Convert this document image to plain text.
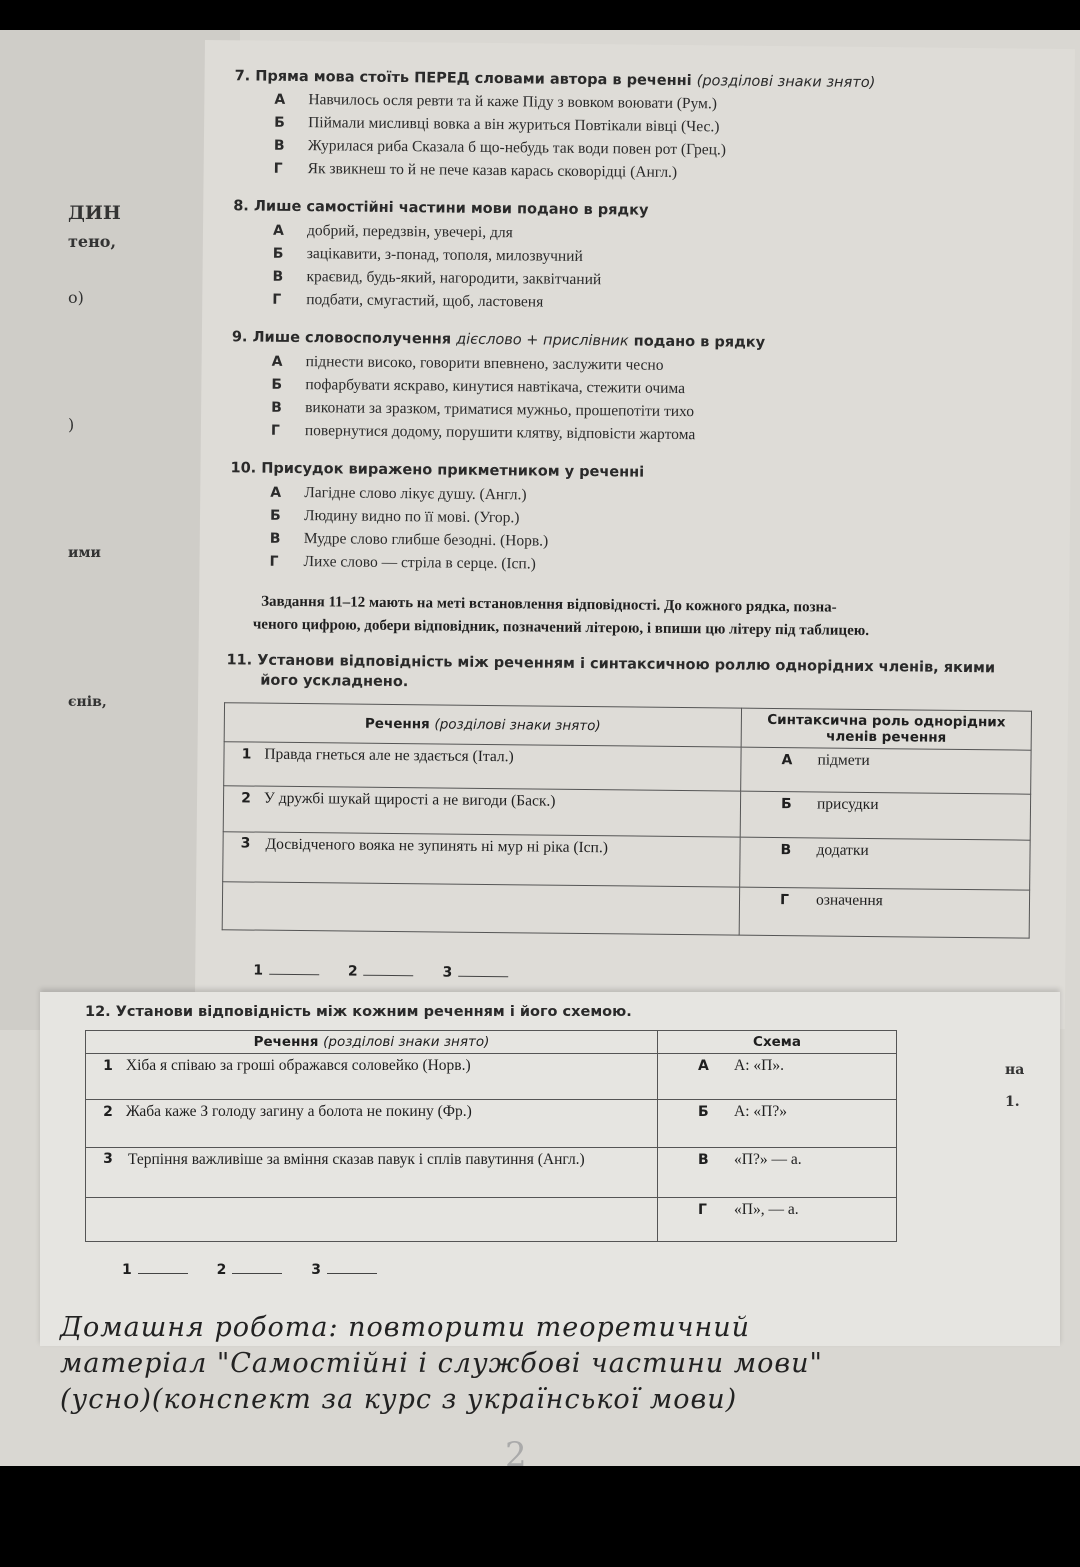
ДИН
тено,
о)
)
ими
єнів,
7. Пряма мова стоїть ПЕРЕД словами автора в реченні (розділові знаки знято)
А Навчилось осля ревти та й каже Піду з вовком воювати (Рум.)
Б Піймали мисливці вовка а він журиться Повтікали вівці (Чес.)
В Журилася риба Сказала б що-небудь так води повен рот (Грец.)
Г Як звикнеш то й не пече казав карась сковорідці (Англ.)
8. Лише самостійні частини мови подано в рядку
А добрий, передзвін, увечері, для
Б зацікавити, з-понад, тополя, милозвучний
В краєвид, будь-який, нагородити, заквітчаний
Г подбати, смугастий, щоб, ластовеня
9. Лише словосполучення дієслово + прислівник подано в рядку
А піднести високо, говорити впевнено, заслужити чесно
Б пофарбувати яскраво, кинутися навтікача, стежити очима
В виконати за зразком, триматися мужньо, прошепотіти тихо
Г повернутися додому, порушити клятву, відповісти жартома
10. Присудок виражено прикметником у реченні
А Лагідне слово лікує душу. (Англ.)
Б Людину видно по її мові. (Угор.)
В Мудре слово глибше безодні. (Норв.)
Г Лихе слово — стріла в серце. (Ісп.)
Завдання 11–12 мають на меті встановлення відповідності. До кожного рядка, позна-
ченого цифрою, добери відповідник, позначений літерою, і впиши цю літеру під таблицею.
11. Установи відповідність між реченням і синтаксичною роллю однорідних членів, якими
його ускладнено.
Речення (розділові знаки знято)	Синтаксична роль однорідних
членів речення

1 Правда гнеться але не здається (Італ.)	А підмети
2 У дружбі шукай щирості а не вигоди (Баск.)	Б присудки

3 Досвідченого вояка не зупинять ні мур ні ріка (Ісп.)	В додатки
	Г означення
1	2	3
12. Установи відповідність між кожним реченням і його схемою.
Речення (розділові знаки знято)	Схема
1 Хіба я співаю за гроші ображався соловейко (Норв.)	А А: «П».
2 Жаба каже З голоду загину а болота не покину (Фр.)	Б А: «П?»

3 Терпіння важливіше за вміння сказав павук і сплів павутиння (Англ.)	В «П?» — а.
	Г «П», — а.
1	2	3
на
1.
Домашня робота: повторити теоретичний
матеріал "Самостійні і службові частини мови"
(усно)(конспект за курс з української мови)
2
